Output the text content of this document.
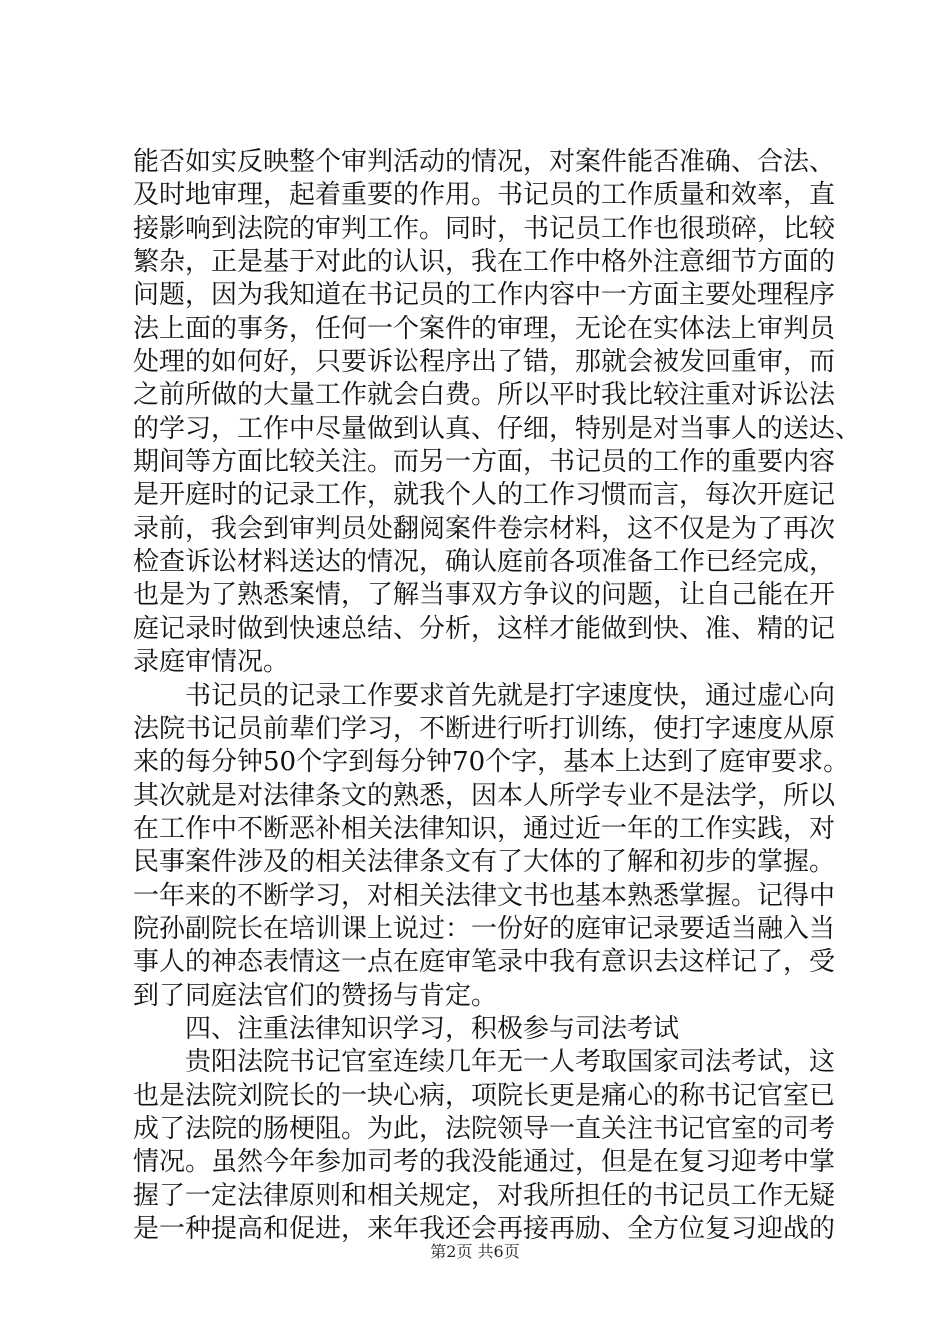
能否如实反映整个审判活动的情况，对案件能否准确、合法、
及时地审理，起着重要的作用。书记员的工作质量和效率，直
接影响到法院的审判工作。同时，书记员工作也很琐碎，比较
繁杂，正是基于对此的认识，我在工作中格外注意细节方面的
问题，因为我知道在书记员的工作内容中一方面主要处理程序
法上面的事务，任何一个案件的审理，无论在实体法上审判员
处理的如何好，只要诉讼程序出了错，那就会被发回重审，而
之前所做的大量工作就会白费。所以平时我比较注重对诉讼法
的学习，工作中尽量做到认真、仔细，特别是对当事人的送达、
期间等方面比较关注。而另一方面，书记员的工作的重要内容
是开庭时的记录工作，就我个人的工作习惯而言，每次开庭记
录前，我会到审判员处翻阅案件卷宗材料，这不仅是为了再次
检查诉讼材料送达的情况，确认庭前各项准备工作已经完成，
也是为了熟悉案情，了解当事双方争议的问题，让自己能在开
庭记录时做到快速总结、分析，这样才能做到快、准、精的记
录庭审情况。
书记员的记录工作要求首先就是打字速度快，通过虚心向
法院书记员前辈们学习，不断进行听打训练，使打字速度从原
来的每分钟50个字到每分钟70个字，基本上达到了庭审要求。
其次就是对法律条文的熟悉，因本人所学专业不是法学，所以
在工作中不断恶补相关法律知识，通过近一年的工作实践，对
民事案件涉及的相关法律条文有了大体的了解和初步的掌握。
一年来的不断学习，对相关法律文书也基本熟悉掌握。记得中
院孙副院长在培训课上说过：一份好的庭审记录要适当融入当
事人的神态表情这一点在庭审笔录中我有意识去这样记了，受
到了同庭法官们的赞扬与肯定。
四、注重法律知识学习，积极参与司法考试
贵阳法院书记官室连续几年无一人考取国家司法考试，这
也是法院刘院长的一块心病，项院长更是痛心的称书记官室已
成了法院的肠梗阻。为此，法院领导一直关注书记官室的司考
情况。虽然今年参加司考的我没能通过，但是在复习迎考中掌
握了一定法律原则和相关规定，对我所担任的书记员工作无疑
是一种提高和促进，来年我还会再接再励、全方位复习迎战的
第2页 共6页
